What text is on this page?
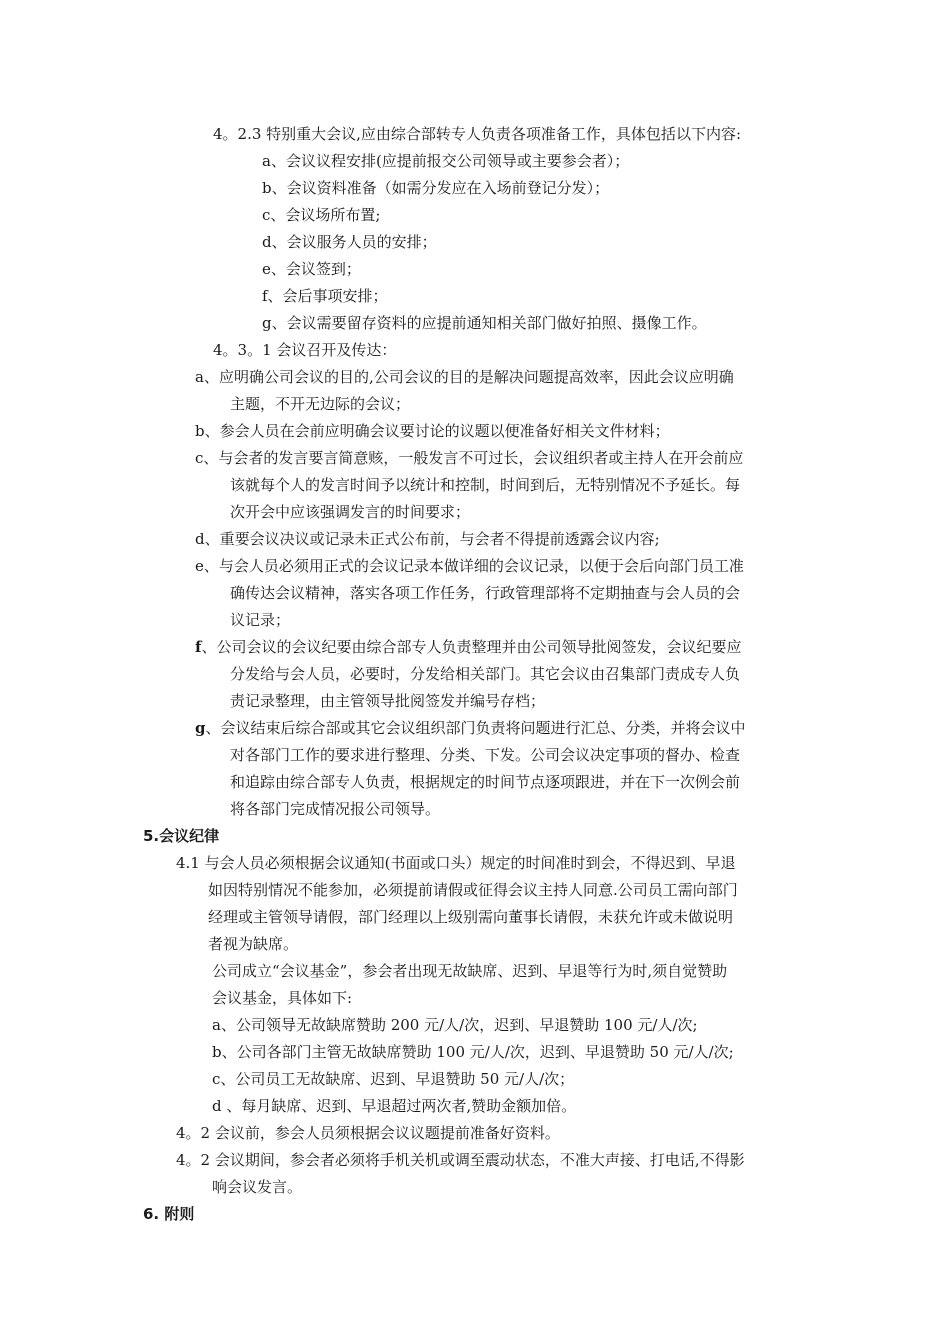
4。2.3 特别重大会议,应由综合部转专人负责各项准备工作，具体包括以下内容:
a、会议议程安排(应提前报交公司领导或主要参会者）；
b、会议资料准备（如需分发应在入场前登记分发）；
c、会议场所布置;
d、会议服务人员的安排；
e、会议签到；
f、会后事项安排；
g、会议需要留存资料的应提前通知相关部门做好拍照、摄像工作。
4。3。1 会议召开及传达：
a、应明确公司会议的目的,公司会议的目的是解决问题提高效率，因此会议应明确
主题，不开无边际的会议；
b、参会人员在会前应明确会议要讨论的议题以便准备好相关文件材料；
c、与会者的发言要言简意赅，一般发言不可过长，会议组织者或主持人在开会前应
该就每个人的发言时间予以统计和控制，时间到后，无特别情况不予延长。每
次开会中应该强调发言的时间要求；
d、重要会议决议或记录未正式公布前，与会者不得提前透露会议内容;
e、与会人员必须用正式的会议记录本做详细的会议记录，以便于会后向部门员工准
确传达会议精神，落实各项工作任务，行政管理部将不定期抽查与会人员的会
议记录；
f、公司会议的会议纪要由综合部专人负责整理并由公司领导批阅签发，会议纪要应
分发给与会人员，必要时，分发给相关部门。其它会议由召集部门责成专人负
责记录整理，由主管领导批阅签发并编号存档；
g、会议结束后综合部或其它会议组织部门负责将问题进行汇总、分类，并将会议中
对各部门工作的要求进行整理、分类、下发。公司会议决定事项的督办、检查
和追踪由综合部专人负责，根据规定的时间节点逐项跟进，并在下一次例会前
将各部门完成情况报公司领导。
5.会议纪律
4.1 与会人员必须根据会议通知(书面或口头）规定的时间准时到会，不得迟到、早退
如因特别情况不能参加，必须提前请假或征得会议主持人同意.公司员工需向部门
经理或主管领导请假，部门经理以上级别需向董事长请假，未获允许或未做说明
者视为缺席。
公司成立“会议基金”，参会者出现无故缺席、迟到、早退等行为时,须自觉赞助
会议基金，具体如下:
a、公司领导无故缺席赞助 200 元/人/次，迟到、早退赞助 100 元/人/次;
b、公司各部门主管无故缺席赞助 100 元/人/次，迟到、早退赞助 50 元/人/次;
c、公司员工无故缺席、迟到、早退赞助 50 元/人/次；
d 、每月缺席、迟到、早退超过两次者,赞助金额加倍。
4。2 会议前，参会人员须根据会议议题提前准备好资料。
4。2 会议期间，参会者必须将手机关机或调至震动状态，不准大声接、打电话,不得影
响会议发言。
6. 附则
